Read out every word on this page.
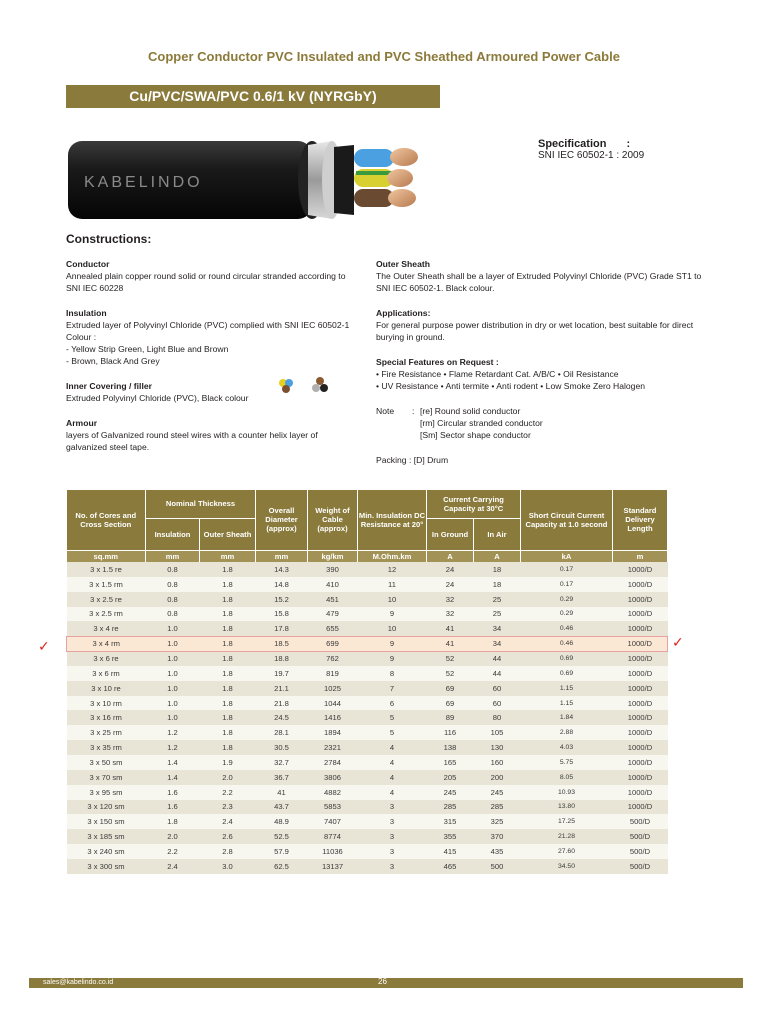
Copper Conductor PVC Insulated and PVC Sheathed Armoured Power Cable
Cu/PVC/SWA/PVC 0.6/1 kV (NYRGbY)
KABELINDO
Specification :
SNI IEC 60502-1 : 2009
Constructions:
Conductor
Annealed plain copper round solid or round circular stranded according to SNI IEC 60228
Insulation
Extruded layer of Polyvinyl Chloride (PVC) complied with SNI IEC 60502-1
Colour :
- Yellow Strip Green, Light Blue and Brown
- Brown, Black And Grey
Inner Covering / filler
Extruded Polyvinyl Chloride (PVC), Black colour
Armour
layers of Galvanized round steel wires with a counter helix layer of galvanized steel tape.
Outer Sheath
The Outer Sheath shall be a layer of Extruded Polyvinyl Chloride (PVC) Grade ST1 to SNI IEC 60502-1. Black colour.
Applications:
For general purpose power distribution in dry or wet location, best suitable for direct burying in ground.
Special Features on Request :
• Fire Resistance • Flame Retardant Cat. A/B/C • Oil Resistance
• UV Resistance • Anti termite • Anti rodent • Low Smoke Zero Halogen
Note	: [re] Round solid conductor
[rm] Circular stranded conductor
[Sm] Sector shape conductor
Packing : [D] Drum
No. of Cores and Cross Section	Nominal Thickness		Overall Diameter (approx)	Weight of Cable (approx)	Min. Insulation DC Resistance at 20°	Current Carrying Capacity at 30°C		Short Circuit Current Capacity at 1.0 second	Standard Delivery Length
	Insulation	Outer Sheath				In Ground	In Air		
sq.mm	mm	mm	mm	kg/km	M.Ohm.km	A	A	kA	m
3 x 1.5 re	0.8	1.8	14.3	390	12	24	18	0.17	1000/D
3 x 1.5 rm	0.8	1.8	14.8	410	11	24	18	0.17	1000/D
3 x 2.5 re	0.8	1.8	15.2	451	10	32	25	0.29	1000/D
3 x 2.5 rm	0.8	1.8	15.8	479	9	32	25	0.29	1000/D
3 x 4 re	1.0	1.8	17.8	655	10	41	34	0.46	1000/D
3 x 4 rm	1.0	1.8	18.5	699	9	41	34	0.46	1000/D
3 x 6 re	1.0	1.8	18.8	762	9	52	44	0.69	1000/D
3 x 6 rm	1.0	1.8	19.7	819	8	52	44	0.69	1000/D
3 x 10 re	1.0	1.8	21.1	1025	7	69	60	1.15	1000/D
3 x 10 rm	1.0	1.8	21.8	1044	6	69	60	1.15	1000/D
3 x 16 rm	1.0	1.8	24.5	1416	5	89	80	1.84	1000/D
3 x 25 rm	1.2	1.8	28.1	1894	5	116	105	2.88	1000/D
3 x 35 rm	1.2	1.8	30.5	2321	4	138	130	4.03	1000/D
3 x 50 sm	1.4	1.9	32.7	2784	4	165	160	5.75	1000/D
3 x 70 sm	1.4	2.0	36.7	3806	4	205	200	8.05	1000/D
3 x 95 sm	1.6	2.2	41	4882	4	245	245	10.93	1000/D
3 x 120 sm	1.6	2.3	43.7	5853	3	285	285	13.80	1000/D
3 x 150 sm	1.8	2.4	48.9	7407	3	315	325	17.25	500/D
3 x 185 sm	2.0	2.6	52.5	8774	3	355	370	21.28	500/D
3 x 240 sm	2.2	2.8	57.9	11036	3	415	435	27.60	500/D
3 x 300 sm	2.4	3.0	62.5	13137	3	465	500	34.50	500/D
✓	✓
sales@kabelindo.co.id	26
